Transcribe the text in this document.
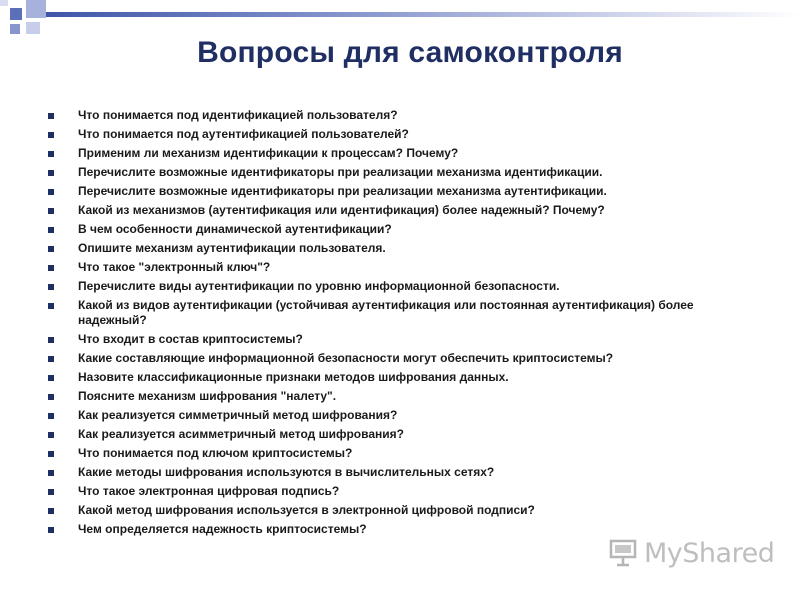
Вопросы для самоконтроля
Что понимается под идентификацией пользователя?
Что понимается под аутентификацией пользователей?
Применим ли механизм идентификации к процессам? Почему?
Перечислите возможные идентификаторы при реализации механизма идентификации.
Перечислите возможные идентификаторы при реализации механизма аутентификации.
Какой из механизмов (аутентификация или идентификация) более надежный? Почему?
В чем особенности динамической аутентификации?
Опишите механизм аутентификации пользователя.
Что такое "электронный ключ"?
Перечислите виды аутентификации по уровню информационной безопасности.
Какой из видов аутентификации (устойчивая аутентификация или постоянная аутентификация) более надежный?
Что входит в состав криптосистемы?
Какие составляющие информационной безопасности могут обеспечить криптосистемы?
Назовите классификационные признаки методов шифрования данных.
Поясните механизм шифрования "налету".
Как реализуется симметричный метод шифрования?
Как реализуется асимметричный метод шифрования?
Что понимается под ключом криптосистемы?
Какие методы шифрования используются в вычислительных сетях?
Что такое электронная цифровая подпись?
Какой метод шифрования используется в электронной цифровой подписи?
Чем определяется надежность криптосистемы?
MyShared
